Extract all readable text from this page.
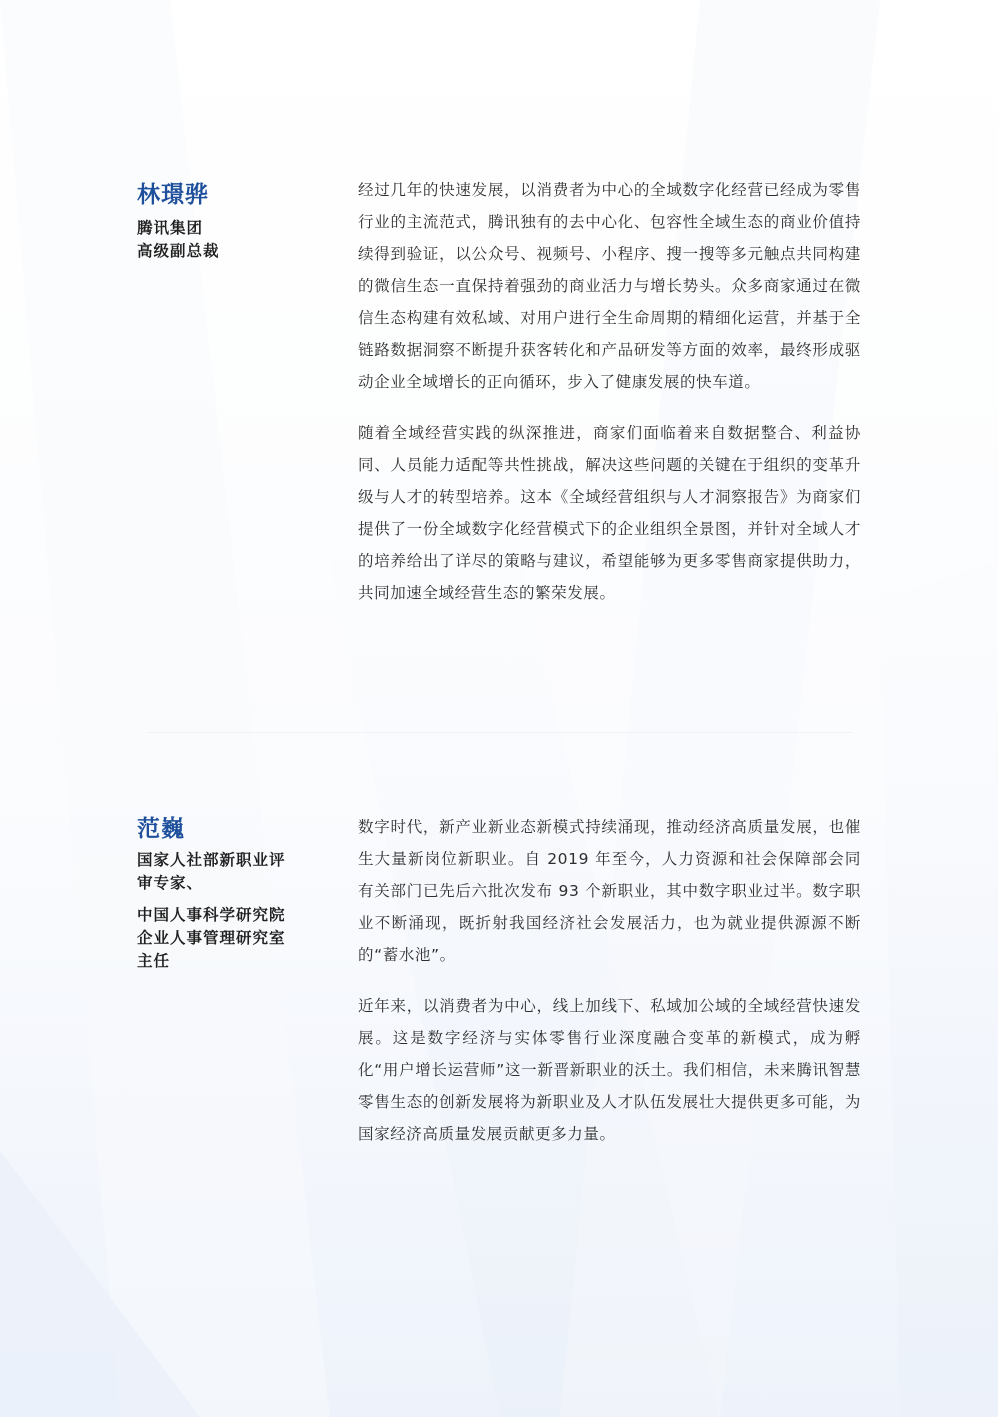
林璟骅
腾讯集团
高级副总裁

经过几年的快速发展，以消费者为中心的全域数字化经营已经成为零售行业的主流范式，腾讯独有的去中心化、包容性全域生态的商业价值持续得到验证，以公众号、视频号、小程序、搜一搜等多元触点共同构建的微信生态一直保持着强劲的商业活力与增长势头。众多商家通过在微信生态构建有效私域、对用户进行全生命周期的精细化运营，并基于全链路数据洞察不断提升获客转化和产品研发等方面的效率，最终形成驱动企业全域增长的正向循环，步入了健康发展的快车道。

随着全域经营实践的纵深推进，商家们面临着来自数据整合、利益协同、人员能力适配等共性挑战，解决这些问题的关键在于组织的变革升级与人才的转型培养。这本《全域经营组织与人才洞察报告》为商家们提供了一份全域数字化经营模式下的企业组织全景图，并针对全域人才的培养给出了详尽的策略与建议，希望能够为更多零售商家提供助力，共同加速全域经营生态的繁荣发展。

范巍
国家人社部新职业评审专家、
中国人事科学研究院企业人事管理研究室主任

数字时代，新产业新业态新模式持续涌现，推动经济高质量发展，也催生大量新岗位新职业。自 2019 年至今，人力资源和社会保障部会同有关部门已先后六批次发布 93 个新职业，其中数字职业过半。数字职业不断涌现，既折射我国经济社会发展活力，也为就业提供源源不断的“蓄水池”。

近年来，以消费者为中心，线上加线下、私域加公域的全域经营快速发展。这是数字经济与实体零售行业深度融合变革的新模式，成为孵化“用户增长运营师”这一新晋新职业的沃土。我们相信，未来腾讯智慧零售生态的创新发展将为新职业及人才队伍发展壮大提供更多可能，为国家经济高质量发展贡献更多力量。
